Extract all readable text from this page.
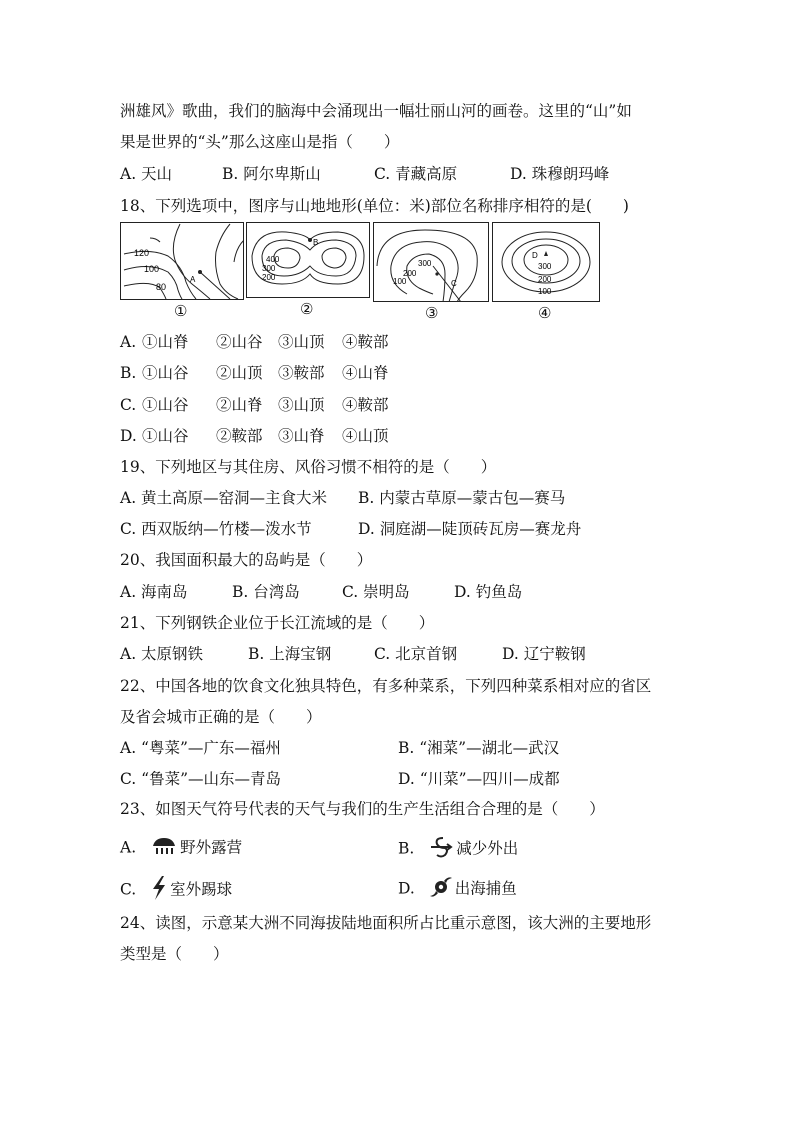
洲雄风》歌曲，我们的脑海中会涌现出一幅壮丽山河的画卷。这里的“山”如
果是世界的“头”那么这座山是指（　　）
A. 天山	B. 阿尔卑斯山	C. 青藏高原	D. 珠穆朗玛峰
18、下列选项中，图序与山地地形(单位：米)部位名称排序相符的是(　　)
120
100
80
A
①
B
400
300
200
②
300
200
100	C
③
D
300
200
100
④
A. ①山脊 ②山谷 ③山顶 ④鞍部
B. ①山谷 ②山顶 ③鞍部 ④山脊
C. ①山谷 ②山脊 ③山顶 ④鞍部
D. ①山谷 ②鞍部 ③山脊 ④山顶
19、下列地区与其住房、风俗习惯不相符的是（　　）
A. 黄土高原—窑洞—主食大米 B. 内蒙古草原—蒙古包—赛马
C. 西双版纳—竹楼—泼水节	D. 洞庭湖—陡顶砖瓦房—赛龙舟
20、我国面积最大的岛屿是（　　）
A. 海南岛	B. 台湾岛	C. 崇明岛	D. 钓鱼岛
21、下列钢铁企业位于长江流域的是（　　）
A. 太原钢铁	B. 上海宝钢	C. 北京首钢	D. 辽宁鞍钢
22、中国各地的饮食文化独具特色，有多种菜系，下列四种菜系相对应的省区
及省会城市正确的是（　　）
A. “粤菜”—广东—福州	B. “湘菜”—湖北—武汉
C. “鲁菜”—山东—青岛	D. “川菜”—四川—成都
23、如图天气符号代表的天气与我们的生产生活组合合理的是（　　）
A.	野外露营	B.	减少外出
C. 室外踢球	D.	出海捕鱼
24、读图，示意某大洲不同海拔陆地面积所占比重示意图，该大洲的主要地形
类型是（　　）
